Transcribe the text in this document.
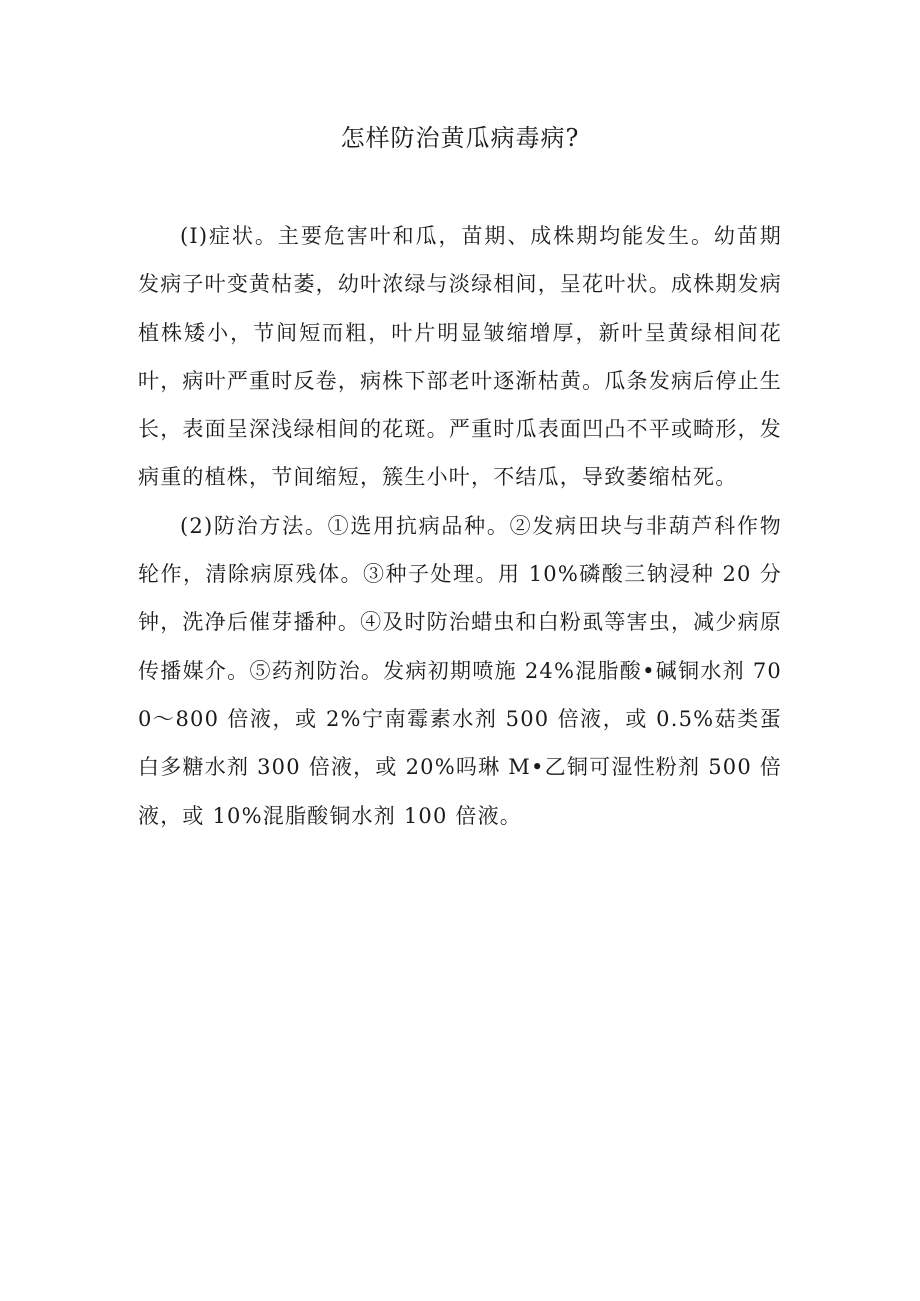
怎样防治黄瓜病毒病?

(I)症状。主要危害叶和瓜，苗期、成株期均能发生。幼苗期发病子叶变黄枯萎，幼叶浓绿与淡绿相间，呈花叶状。成株期发病植株矮小，节间短而粗，叶片明显皱缩增厚，新叶呈黄绿相间花叶，病叶严重时反卷，病株下部老叶逐渐枯黄。瓜条发病后停止生长，表面呈深浅绿相间的花斑。严重时瓜表面凹凸不平或畸形，发病重的植株，节间缩短，簇生小叶，不结瓜，导致萎缩枯死。

(2)防治方法。①选用抗病品种。②发病田块与非葫芦科作物轮作，清除病原残体。③种子处理。用 10%磷酸三钠浸种 20 分钟，洗净后催芽播种。④及时防治蜡虫和白粉虱等害虫，减少病原传播媒介。⑤药剂防治。发病初期喷施 24%混脂酸•碱铜水剂 700～800 倍液，或 2%宁南霉素水剂 500 倍液，或 0.5%菇类蛋白多糖水剂 300 倍液，或 20%吗琳 M•乙铜可湿性粉剂 500 倍液，或 10%混脂酸铜水剂 100 倍液。
